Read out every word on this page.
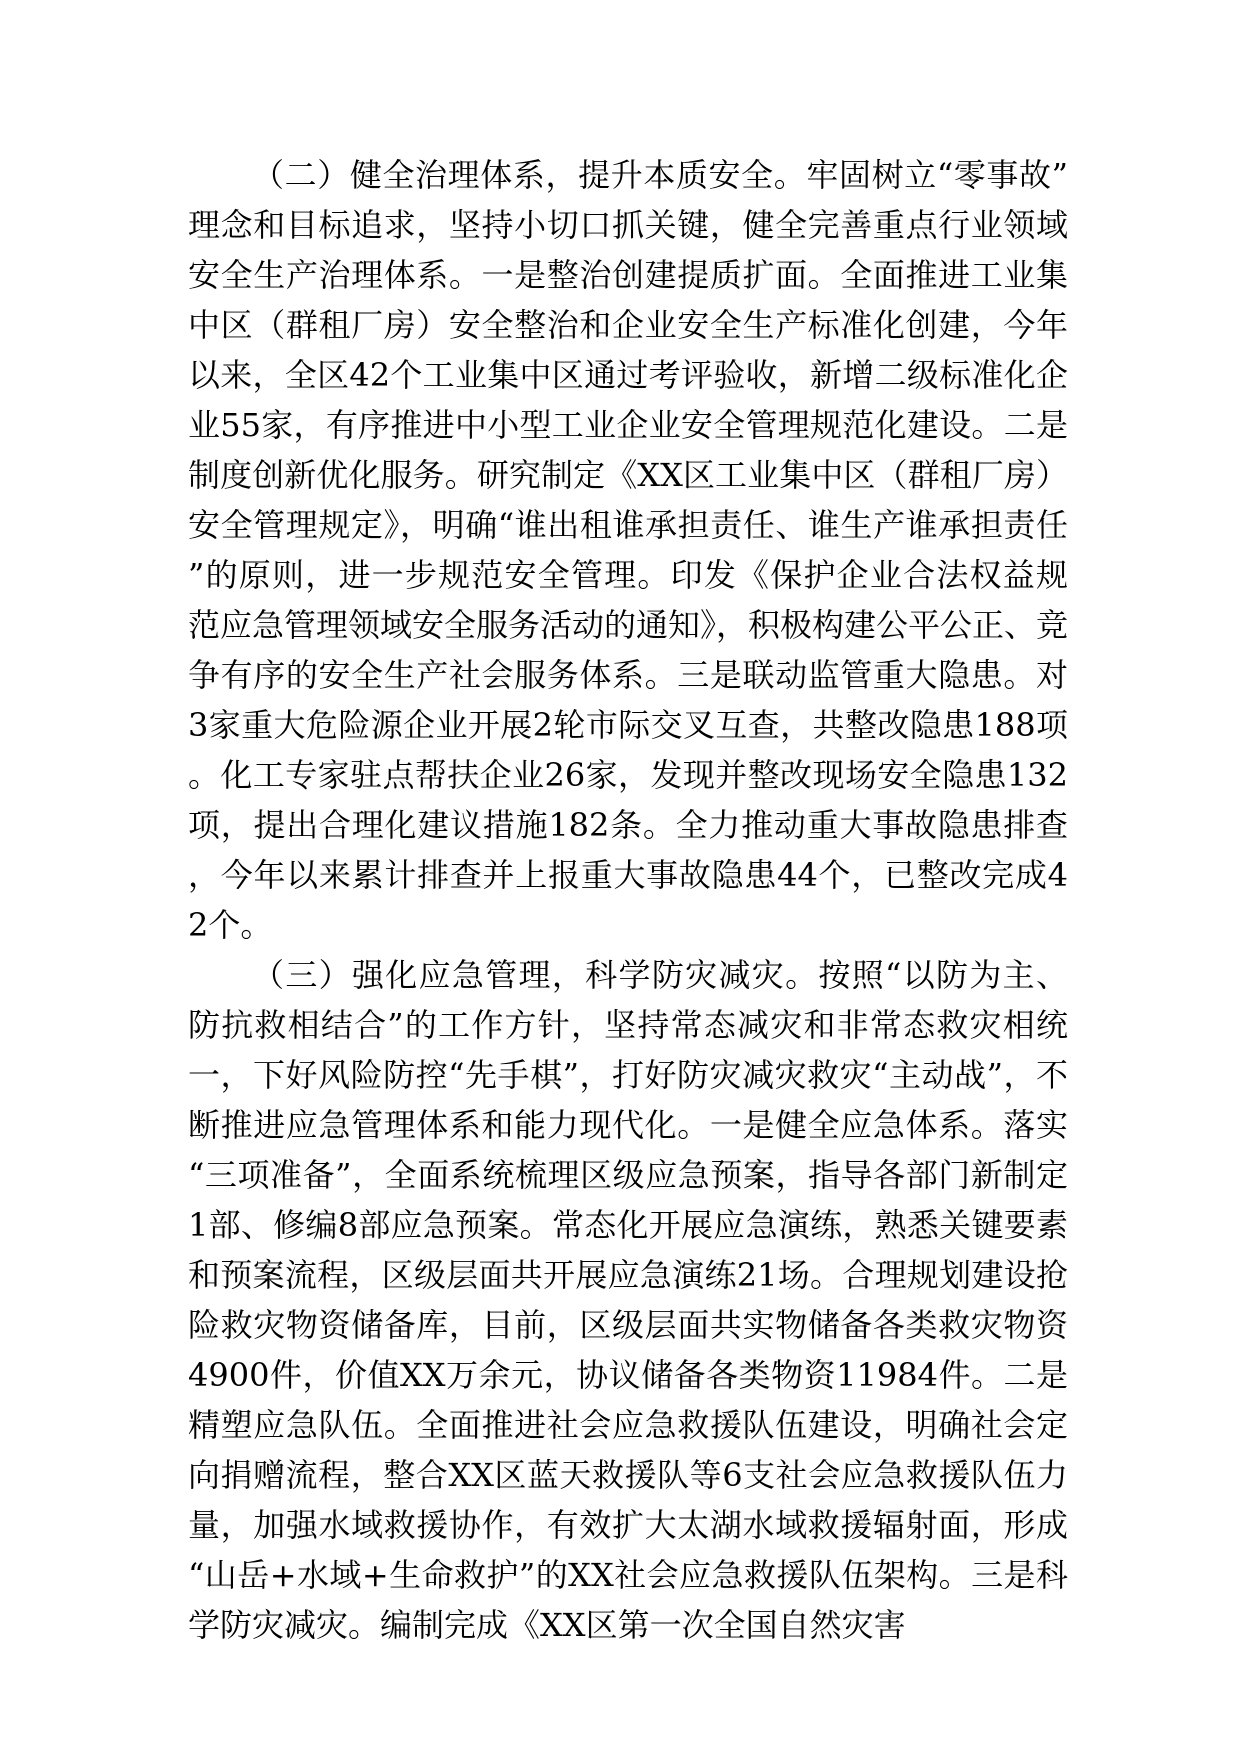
（二）健全治理体系，提升本质安全。牢固树立“零事故”理念和目标追求，坚持小切口抓关键，健全完善重点行业领域安全生产治理体系。一是整治创建提质扩面。全面推进工业集中区（群租厂房）安全整治和企业安全生产标准化创建，今年以来，全区42个工业集中区通过考评验收，新增二级标准化企业55家，有序推进中小型工业企业安全管理规范化建设。二是制度创新优化服务。研究制定《XX区工业集中区（群租厂房）安全管理规定》，明确“谁出租谁承担责任、谁生产谁承担责任”的原则，进一步规范安全管理。印发《保护企业合法权益规范应急管理领域安全服务活动的通知》，积极构建公平公正、竞争有序的安全生产社会服务体系。三是联动监管重大隐患。对3家重大危险源企业开展2轮市际交叉互查，共整改隐患188项。化工专家驻点帮扶企业26家，发现并整改现场安全隐患132项，提出合理化建议措施182条。全力推动重大事故隐患排查，今年以来累计排查并上报重大事故隐患44个，已整改完成42个。

（三）强化应急管理，科学防灾减灾。按照“以防为主、防抗救相结合”的工作方针，坚持常态减灾和非常态救灾相统一，下好风险防控“先手棋”，打好防灾减灾救灾“主动战”，不断推进应急管理体系和能力现代化。一是健全应急体系。落实“三项准备”，全面系统梳理区级应急预案，指导各部门新制定1部、修编8部应急预案。常态化开展应急演练，熟悉关键要素和预案流程，区级层面共开展应急演练21场。合理规划建设抢险救灾物资储备库，目前，区级层面共实物储备各类救灾物资4900件，价值XX万余元，协议储备各类物资11984件。二是精塑应急队伍。全面推进社会应急救援队伍建设，明确社会定向捐赠流程，整合XX区蓝天救援队等6支社会应急救援队伍力量，加强水域救援协作，有效扩大太湖水域救援辐射面，形成“山岳+水域+生命救护”的XX社会应急救援队伍架构。三是科学防灾减灾。编制完成《XX区第一次全国自然灾害
